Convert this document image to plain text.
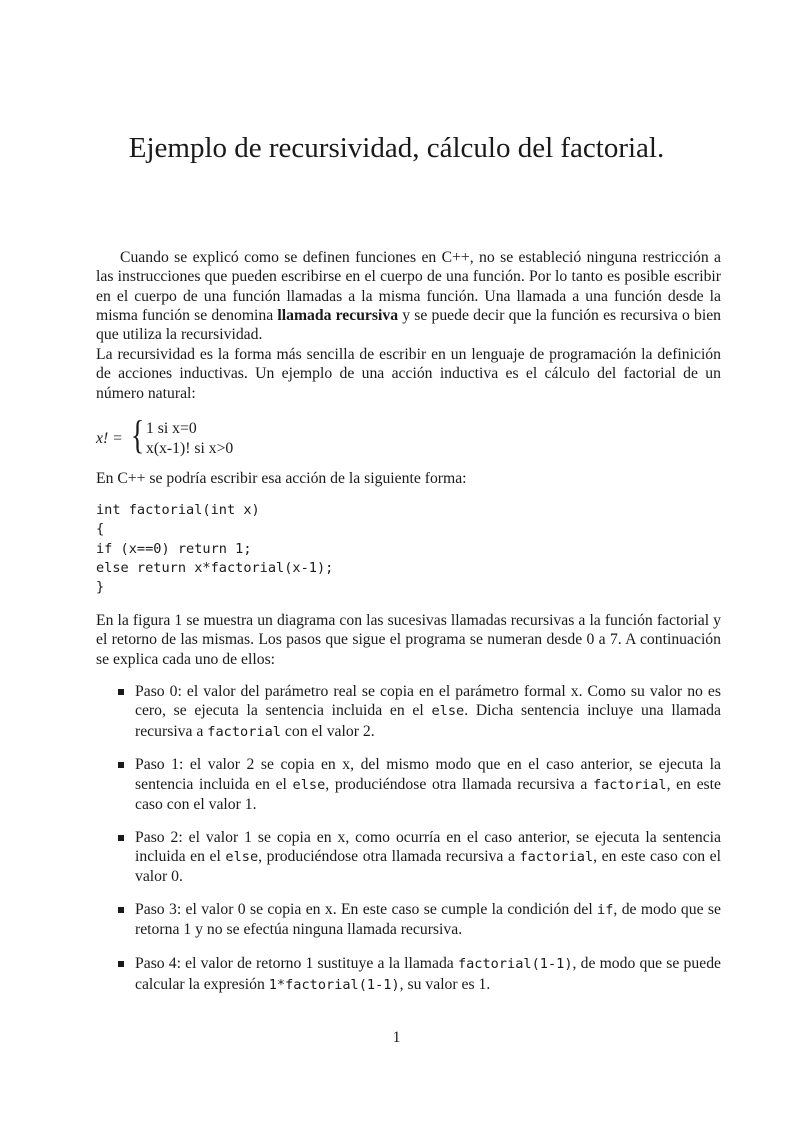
Ejemplo de recursividad, cálculo del factorial.

Cuando se explicó como se definen funciones en C++, no se estableció ninguna restricción a las instrucciones que pueden escribirse en el cuerpo de una función. Por lo tanto es posible escribir en el cuerpo de una función llamadas a la misma función. Una llamada a una función desde la misma función se denomina llamada recursiva y se puede decir que la función es recursiva o bien que utiliza la recursividad.

La recursividad es la forma más sencilla de escribir en un lenguaje de programación la definición de acciones inductivas. Un ejemplo de una acción inductiva es el cálculo del factorial de un número natural:

x! = { 1 si x=0
x(x-1)! si x>0

En C++ se podría escribir esa acción de la siguiente forma:

int factorial(int x)
{
if (x==0) return 1;
else return x*factorial(x-1);
}

En la figura 1 se muestra un diagrama con las sucesivas llamadas recursivas a la función factorial y el retorno de las mismas. Los pasos que sigue el programa se numeran desde 0 a 7. A continuación se explica cada uno de ellos:

Paso 0: el valor del parámetro real se copia en el parámetro formal x. Como su valor no es cero, se ejecuta la sentencia incluida en el else. Dicha sentencia incluye una llamada recursiva a factorial con el valor 2.
Paso 1: el valor 2 se copia en x, del mismo modo que en el caso anterior, se ejecuta la sentencia incluida en el else, produciéndose otra llamada recursiva a factorial, en este caso con el valor 1.
Paso 2: el valor 1 se copia en x, como ocurría en el caso anterior, se ejecuta la sentencia incluida en el else, produciéndose otra llamada recursiva a factorial, en este caso con el valor 0.
Paso 3: el valor 0 se copia en x. En este caso se cumple la condición del if, de modo que se retorna 1 y no se efectúa ninguna llamada recursiva.
Paso 4: el valor de retorno 1 sustituye a la llamada factorial(1-1), de modo que se puede calcular la expresión 1*factorial(1-1), su valor es 1.
1
